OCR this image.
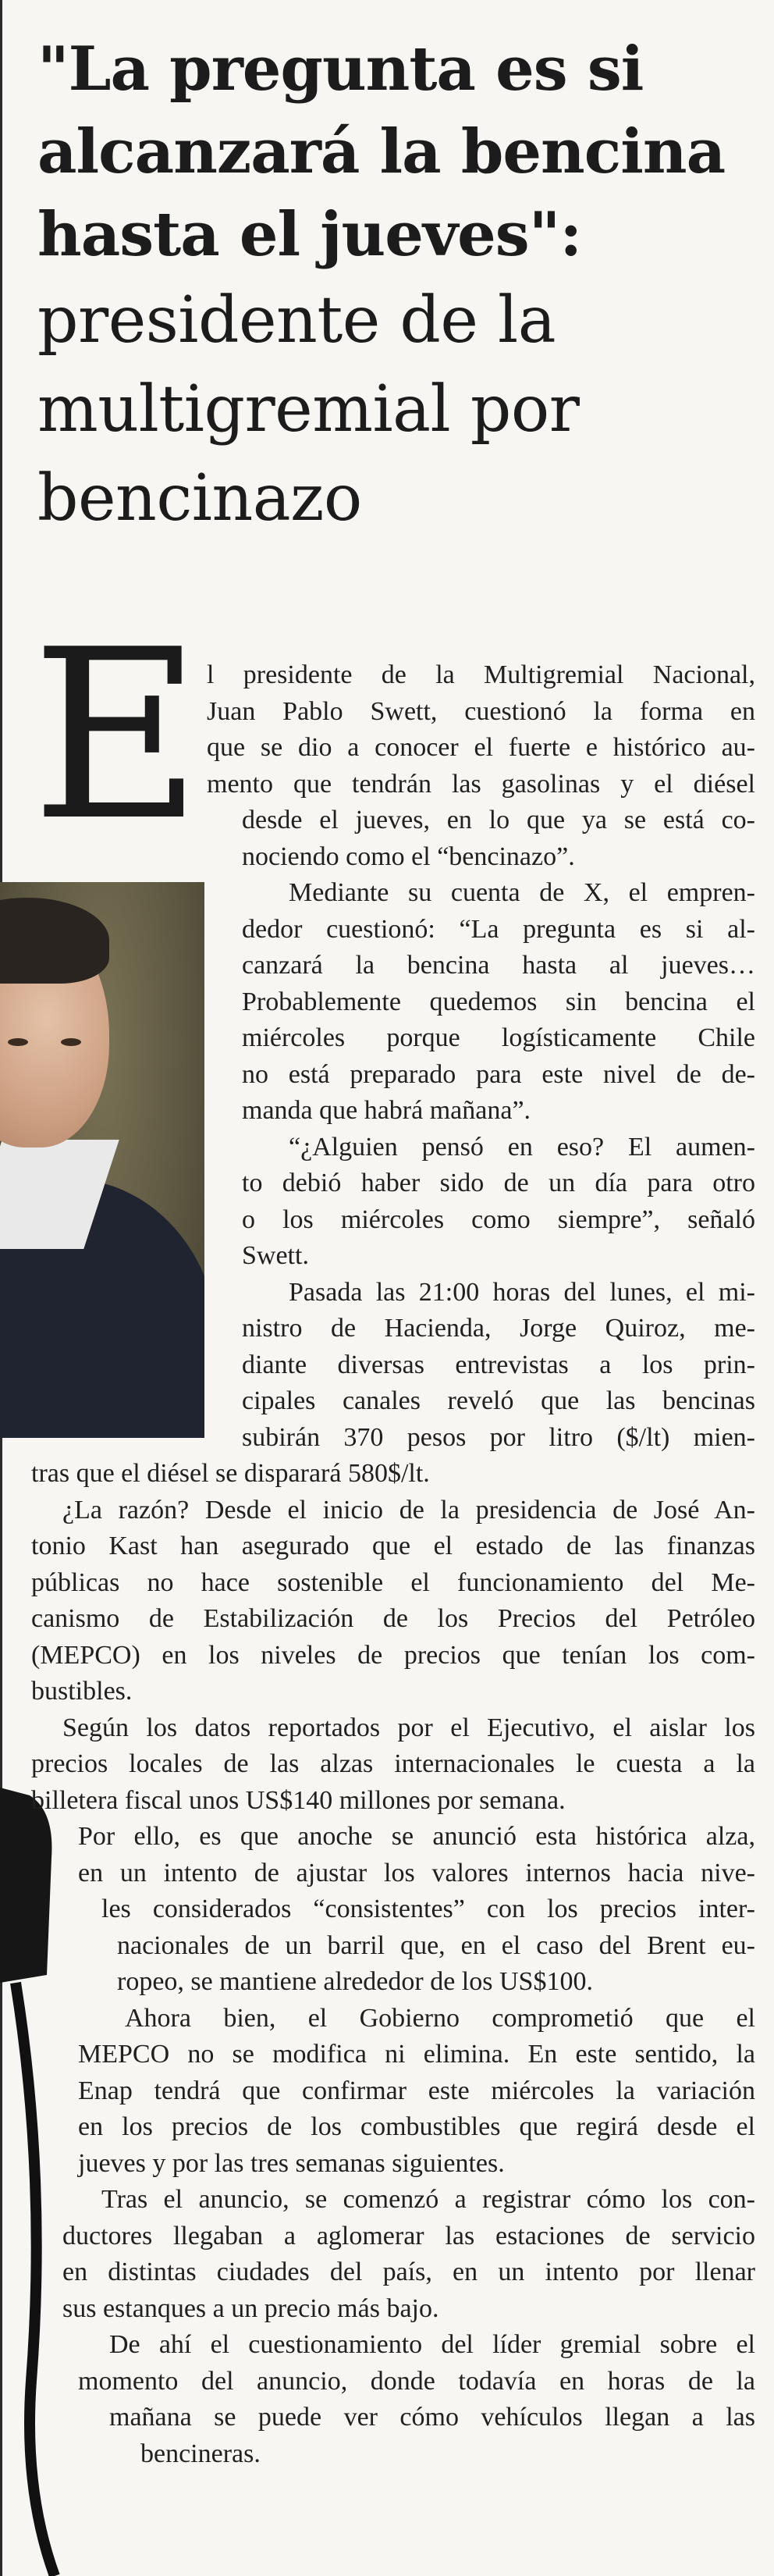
"La pregunta es si
alcanzará la bencina
hasta el jueves":
presidente de la
multigremial por
bencinazo
E l presidente de la Multigremial Nacional,
Juan Pablo Swett, cuestionó la forma en
que se dio a conocer el fuerte e histórico au-
mento que tendrán las gasolinas y el diésel
desde el jueves, en lo que ya se está co-
nociendo como el “bencinazo”.
Mediante su cuenta de X, el empren-
dedor cuestionó: “La pregunta es si al-
canzará la bencina hasta al jueves…
Probablemente quedemos sin bencina el
miércoles porque logísticamente Chile
no está preparado para este nivel de de-
manda que habrá mañana”.
“¿Alguien pensó en eso? El aumen-
to debió haber sido de un día para otro
o los miércoles como siempre”, señaló
Swett.
Pasada las 21:00 horas del lunes, el mi-
nistro de Hacienda, Jorge Quiroz, me-
diante diversas entrevistas a los prin-
cipales canales reveló que las bencinas
subirán 370 pesos por litro ($/lt) mien-
tras que el diésel se disparará 580$/lt.
¿La razón? Desde el inicio de la presidencia de José An-
tonio Kast han asegurado que el estado de las finanzas
públicas no hace sostenible el funcionamiento del Me-
canismo de Estabilización de los Precios del Petróleo
(MEPCO) en los niveles de precios que tenían los com-
bustibles.
Según los datos reportados por el Ejecutivo, el aislar los
precios locales de las alzas internacionales le cuesta a la
billetera fiscal unos US$140 millones por semana.
Por ello, es que anoche se anunció esta histórica alza,
en un intento de ajustar los valores internos hacia nive-
les considerados “consistentes” con los precios inter-
nacionales de un barril que, en el caso del Brent eu-
ropeo, se mantiene alrededor de los US$100.
Ahora bien, el Gobierno comprometió que el
MEPCO no se modifica ni elimina. En este sentido, la
Enap tendrá que confirmar este miércoles la variación
en los precios de los combustibles que regirá desde el
jueves y por las tres semanas siguientes.
Tras el anuncio, se comenzó a registrar cómo los con-
ductores llegaban a aglomerar las estaciones de servicio
en distintas ciudades del país, en un intento por llenar
sus estanques a un precio más bajo.
De ahí el cuestionamiento del líder gremial sobre el
momento del anuncio, donde todavía en horas de la
mañana se puede ver cómo vehículos llegan a las
bencineras.
